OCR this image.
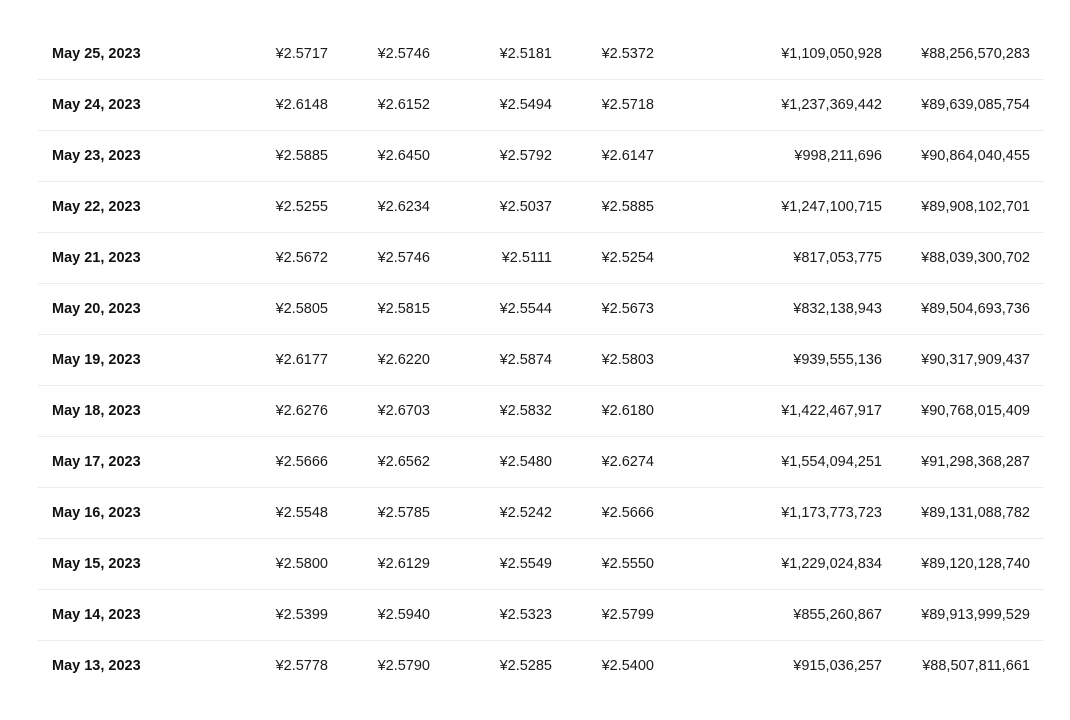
May 25, 2023	¥2.5717	¥2.5746	¥2.5181	¥2.5372	¥1,109,050,928	¥88,256,570,283
May 24, 2023	¥2.6148	¥2.6152	¥2.5494	¥2.5718	¥1,237,369,442	¥89,639,085,754
May 23, 2023	¥2.5885	¥2.6450	¥2.5792	¥2.6147	¥998,211,696	¥90,864,040,455
May 22, 2023	¥2.5255	¥2.6234	¥2.5037	¥2.5885	¥1,247,100,715	¥89,908,102,701
May 21, 2023	¥2.5672	¥2.5746	¥2.5111	¥2.5254	¥817,053,775	¥88,039,300,702
May 20, 2023	¥2.5805	¥2.5815	¥2.5544	¥2.5673	¥832,138,943	¥89,504,693,736
May 19, 2023	¥2.6177	¥2.6220	¥2.5874	¥2.5803	¥939,555,136	¥90,317,909,437
May 18, 2023	¥2.6276	¥2.6703	¥2.5832	¥2.6180	¥1,422,467,917	¥90,768,015,409
May 17, 2023	¥2.5666	¥2.6562	¥2.5480	¥2.6274	¥1,554,094,251	¥91,298,368,287
May 16, 2023	¥2.5548	¥2.5785	¥2.5242	¥2.5666	¥1,173,773,723	¥89,131,088,782
May 15, 2023	¥2.5800	¥2.6129	¥2.5549	¥2.5550	¥1,229,024,834	¥89,120,128,740
May 14, 2023	¥2.5399	¥2.5940	¥2.5323	¥2.5799	¥855,260,867	¥89,913,999,529
May 13, 2023	¥2.5778	¥2.5790	¥2.5285	¥2.5400	¥915,036,257	¥88,507,811,661
